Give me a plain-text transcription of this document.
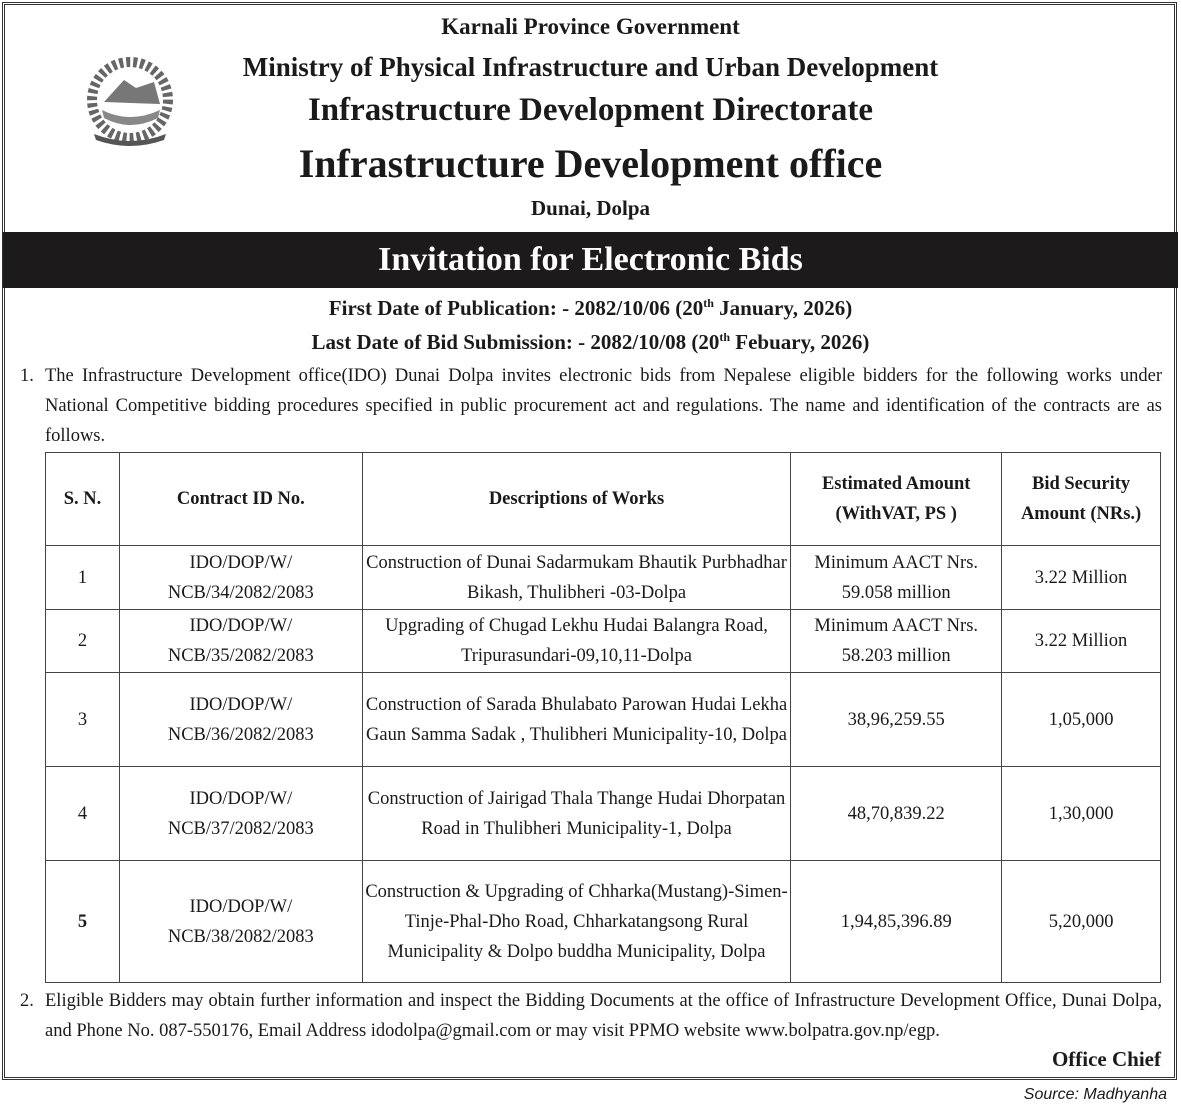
Karnali Province Government
Ministry of Physical Infrastructure and Urban Development
Infrastructure Development Directorate
Infrastructure Development office
Dunai, Dolpa
Invitation for Electronic Bids
First Date of Publication: - 2082/10/06 (20th January, 2026)
Last Date of Bid Submission: - 2082/10/08 (20th Febuary, 2026)
1. The Infrastructure Development office(IDO) Dunai Dolpa invites electronic bids from Nepalese eligible bidders for the following works under National Competitive bidding procedures specified in public procurement act and regulations. The name and identification of the contracts are as follows.
S. N.	Contract ID No.	Descriptions of Works	Estimated Amount (WithVAT, PS )	Bid Security Amount (NRs.)
1	IDO/DOP/W/ NCB/34/2082/2083	Construction of Dunai Sadarmukam Bhautik Purbhadhar Bikash, Thulibheri -03-Dolpa	Minimum AACT Nrs. 59.058 million	3.22 Million
2	IDO/DOP/W/ NCB/35/2082/2083	Upgrading of Chugad Lekhu Hudai Balangra Road, Tripurasundari-09,10,11-Dolpa	Minimum AACT Nrs. 58.203 million	3.22 Million
3	IDO/DOP/W/ NCB/36/2082/2083	Construction of Sarada Bhulabato Parowan Hudai Lekha Gaun Samma Sadak , Thulibheri Municipality-10, Dolpa	38,96,259.55	1,05,000
4	IDO/DOP/W/ NCB/37/2082/2083	Construction of Jairigad Thala Thange Hudai Dhorpatan Road in Thulibheri Municipality-1, Dolpa	48,70,839.22	1,30,000
5	IDO/DOP/W/ NCB/38/2082/2083	Construction & Upgrading of Chharka(Mustang)-Simen-Tinje-Phal-Dho Road, Chharkatangsong Rural Municipality & Dolpo buddha Municipality, Dolpa	1,94,85,396.89	5,20,000
2. Eligible Bidders may obtain further information and inspect the Bidding Documents at the office of Infrastructure Development Office, Dunai Dolpa, and Phone No. 087-550176, Email Address idodolpa@gmail.com or may visit PPMO website www.bolpatra.gov.np/egp.
Office Chief
Source: Madhyanha
